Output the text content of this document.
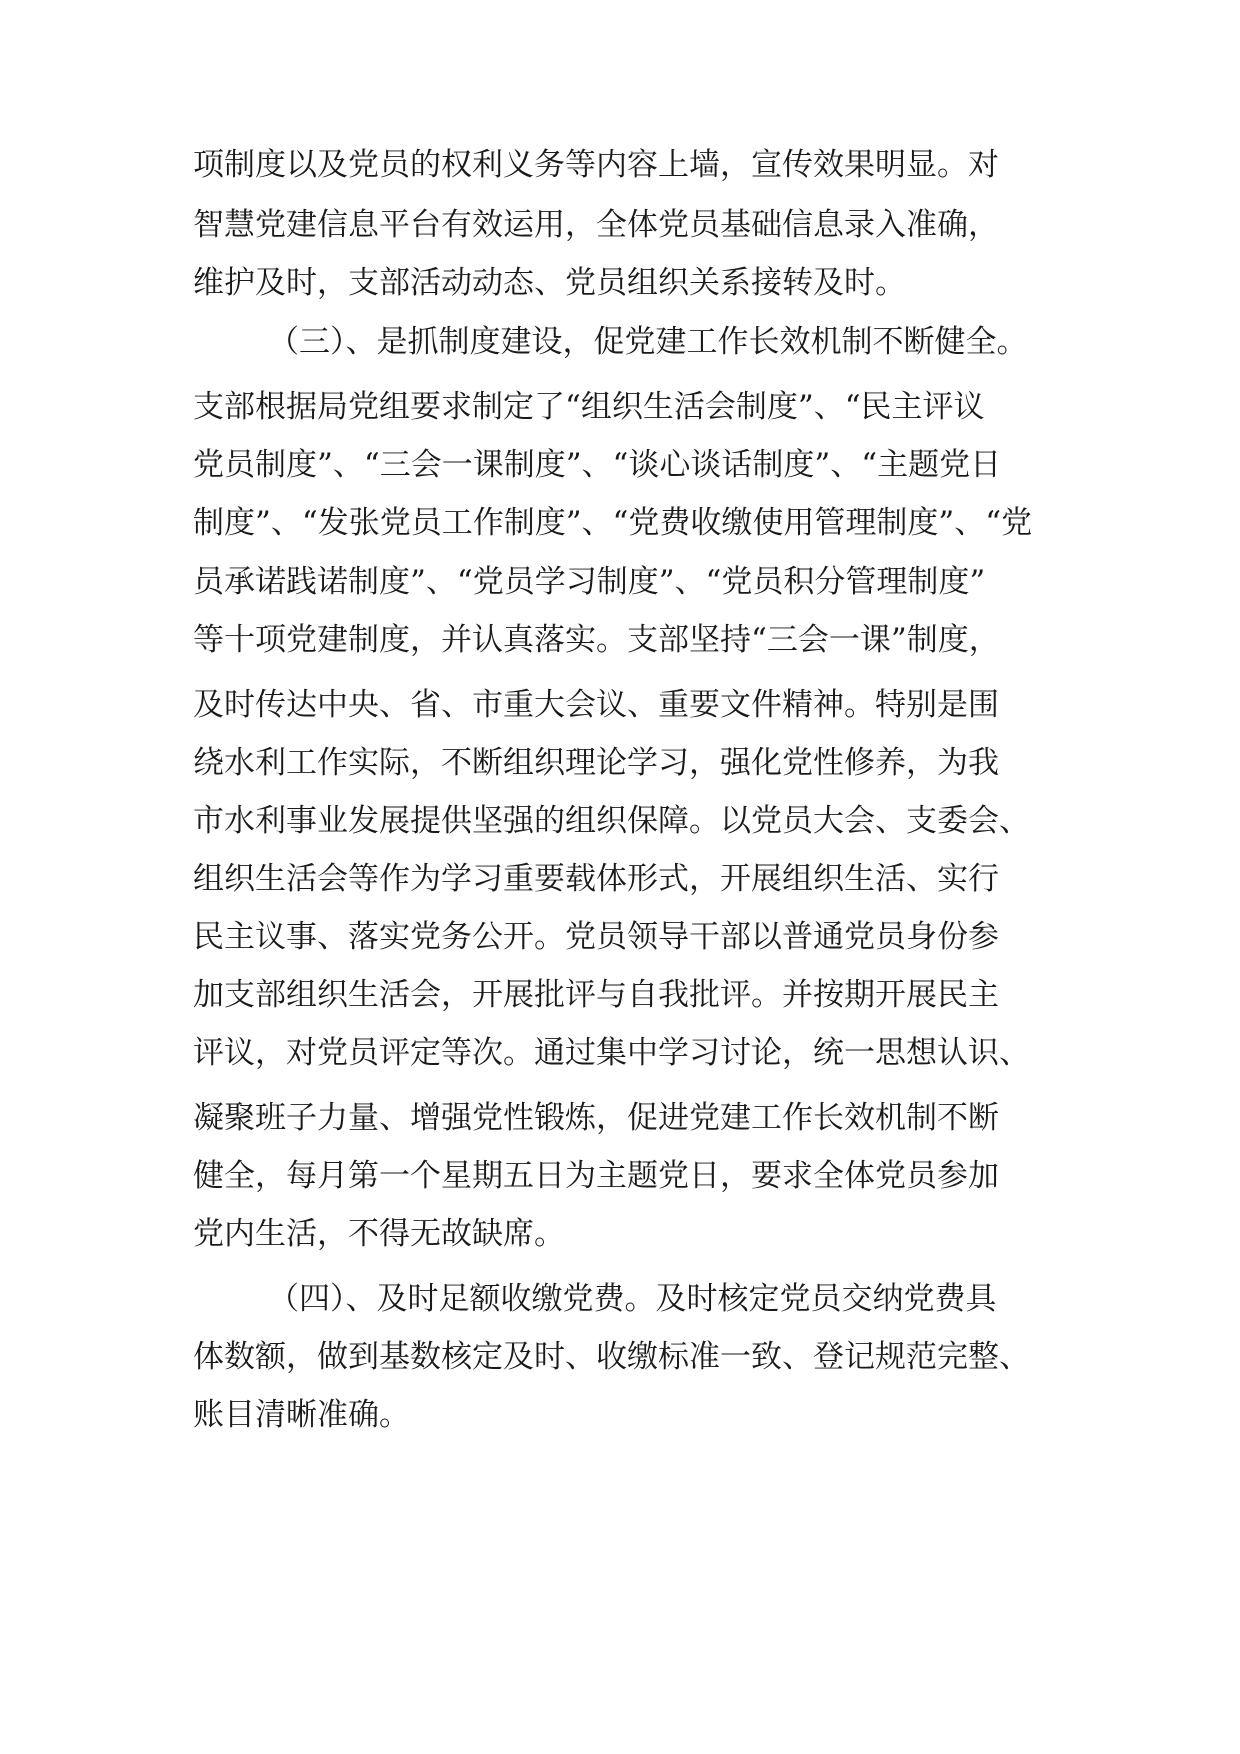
项制度以及党员的权利义务等内容上墙，宣传效果明显。对
智慧党建信息平台有效运用，全体党员基础信息录入准确，
维护及时，支部活动动态、党员组织关系接转及时。
（三）、是抓制度建设，促党建工作长效机制不断健全。
支部根据局党组要求制定了“组织生活会制度”、“民主评议
党员制度”、“三会一课制度”、“谈心谈话制度”、“主题党日
制度”、“发张党员工作制度”、“党费收缴使用管理制度”、“党
员承诺践诺制度”、“党员学习制度”、“党员积分管理制度”
等十项党建制度，并认真落实。支部坚持“三会一课”制度，
及时传达中央、省、市重大会议、重要文件精神。特别是围
绕水利工作实际，不断组织理论学习，强化党性修养，为我
市水利事业发展提供坚强的组织保障。以党员大会、支委会、
组织生活会等作为学习重要载体形式，开展组织生活、实行
民主议事、落实党务公开。党员领导干部以普通党员身份参
加支部组织生活会，开展批评与自我批评。并按期开展民主
评议，对党员评定等次。通过集中学习讨论，统一思想认识、
凝聚班子力量、增强党性锻炼，促进党建工作长效机制不断
健全，每月第一个星期五日为主题党日，要求全体党员参加
党内生活，不得无故缺席。
（四）、及时足额收缴党费。及时核定党员交纳党费具
体数额，做到基数核定及时、收缴标准一致、登记规范完整、
账目清晰准确。
